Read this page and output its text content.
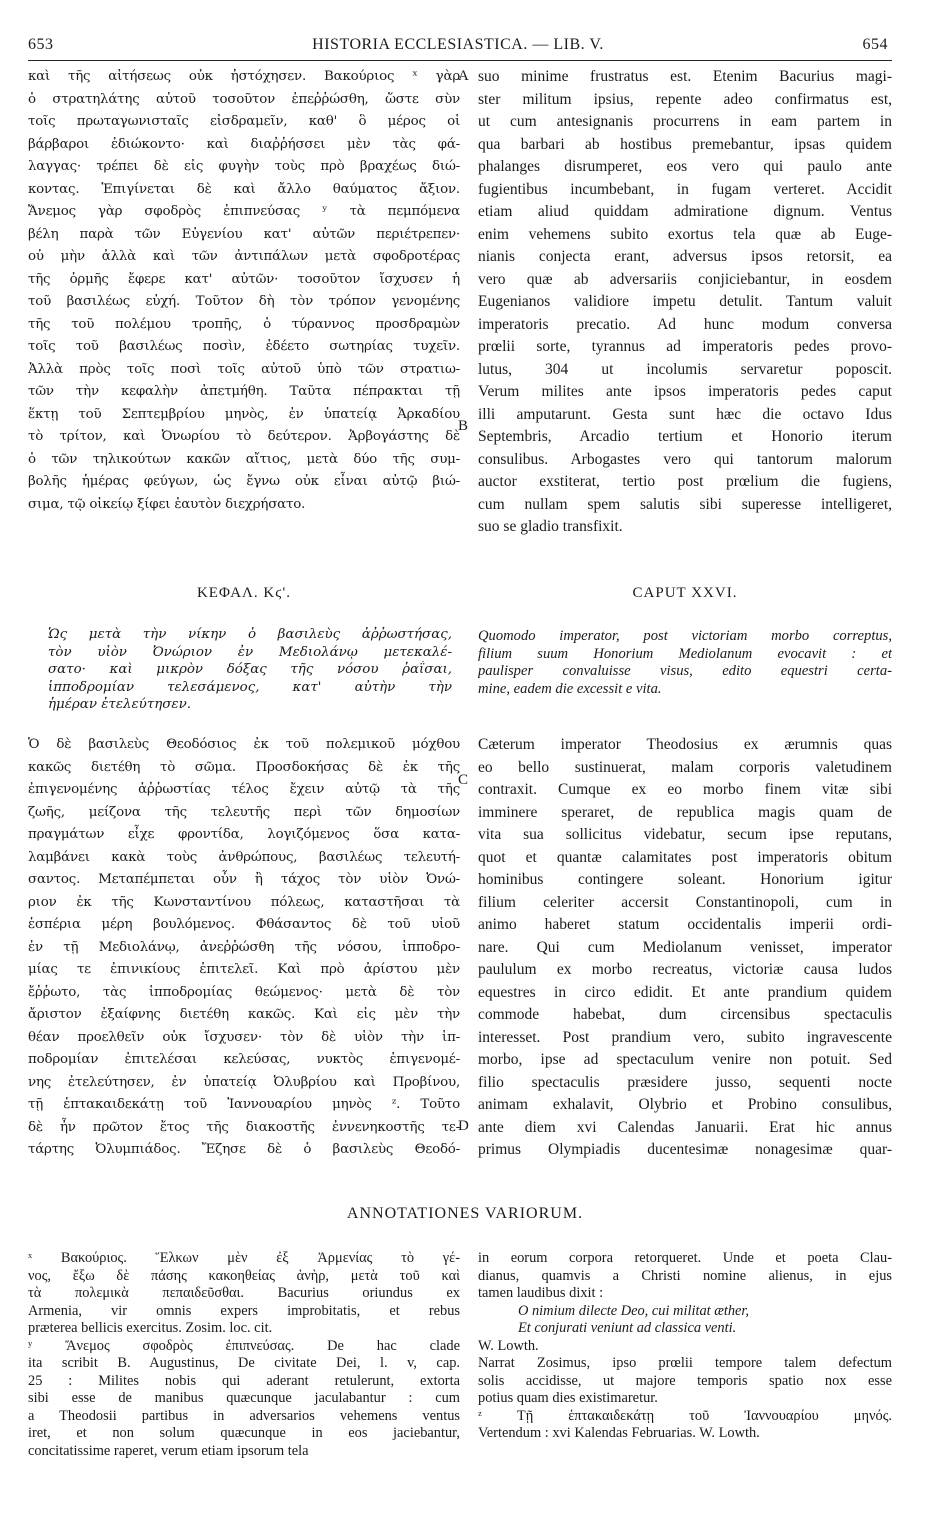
653	HISTORIA ECCLESIASTICA. — LIB. V.	654
A
B
C
D
καὶ τῆς αἰτήσεως οὐκ ἠστόχησεν. Βακούριος ˣ γὰρ
ὁ στρατηλάτης αὐτοῦ τοσοῦτον ἐπεῤῥώσθη, ὥστε σὺν
τοῖς πρωταγωνισταῖς εἰσδραμεῖν, καθ' ὃ μέρος οἱ
βάρβαροι ἐδιώκοντο· καὶ διαῤῥήσσει μὲν τὰς φά-
λαγγας· τρέπει δὲ εἰς φυγὴν τοὺς πρὸ βραχέως διώ-
κοντας. Ἐπιγίνεται δὲ καὶ ἄλλο θαύματος ἄξιον.
Ἄνεμος γὰρ σφοδρὸς ἐπιπνεύσας ʸ τὰ πεμπόμενα
βέλη παρὰ τῶν Εὐγενίου κατ' αὐτῶν περιέτρεπεν·
οὐ μὴν ἀλλὰ καὶ τῶν ἀντιπάλων μετὰ σφοδροτέρας
τῆς ὁρμῆς ἔφερε κατ' αὐτῶν· τοσοῦτον ἴσχυσεν ἡ
τοῦ βασιλέως εὐχή. Τοῦτον δὴ τὸν τρόπον γενομένης
τῆς τοῦ πολέμου τροπῆς, ὁ τύραννος προσδραμὼν
τοῖς τοῦ βασιλέως ποσὶν, ἐδέετο σωτηρίας τυχεῖν.
Ἀλλὰ πρὸς τοῖς ποσὶ τοῖς αὐτοῦ ὑπὸ τῶν στρατιω-
τῶν τὴν κεφαλὴν ἀπετμήθη. Ταῦτα πέπρακται τῇ
ἕκτῃ τοῦ Σεπτεμβρίου μηνὸς, ἐν ὑπατείᾳ Ἀρκαδίου
τὸ τρίτον, καὶ Ὀνωρίου τὸ δεύτερον. Ἀρβογάστης δὲ
ὁ τῶν τηλικούτων κακῶν αἴτιος, μετὰ δύο τῆς συμ-
βολῆς ἡμέρας φεύγων, ὡς ἔγνω οὐκ εἶναι αὐτῷ βιώ-
σιμα, τῷ οἰκείῳ ξίφει ἑαυτὸν διεχρήσατο.
suo minime frustratus est. Etenim Bacurius magi-
ster militum ipsius, repente adeo confirmatus est,
ut cum antesignanis procurrens in eam partem in
qua barbari ab hostibus premebantur, ipsas quidem
phalanges disrumperet, eos vero qui paulo ante
fugientibus incumbebant, in fugam verteret. Accidit
etiam aliud quiddam admiratione dignum. Ventus
enim vehemens subito exortus tela quæ ab Euge-
nianis conjecta erant, adversus ipsos retorsit, ea
vero quæ ab adversariis conjiciebantur, in eosdem
Eugenianos validiore impetu detulit. Tantum valuit
imperatoris precatio. Ad hunc modum conversa
prœlii sorte, tyrannus ad imperatoris pedes provo-
lutus, 304 ut incolumis servaretur poposcit.
Verum milites ante ipsos imperatoris pedes caput
illi amputarunt. Gesta sunt hæc die octavo Idus
Septembris, Arcadio tertium et Honorio iterum
consulibus. Arbogastes vero qui tantorum malorum
auctor exstiterat, tertio post prœlium die fugiens,
cum nullam spem salutis sibi superesse intelligeret,
suo se gladio transfixit.
ΚΕΦΑΛ. Κϛ'.	CAPUT XXVI.
Ὡς μετὰ τὴν νίκην ὁ βασιλεὺς ἀῤῥωστήσας,
τὸν υἱὸν Ὀνώριον ἐν Μεδιολάνῳ μετεκαλέ-
σατο· καὶ μικρὸν δόξας τῆς νόσου ῥαΐσαι,
ἱπποδρομίαν τελεσάμενος, κατ' αὐτὴν τὴν
ἡμέραν ἐτελεύτησεν.
Quomodo imperator, post victoriam morbo correptus,
filium suum Honorium Mediolanum evocavit : et
paulisper convaluisse visus, edito equestri certa-
mine, eadem die excessit e vita.
Ὁ δὲ βασιλεὺς Θεοδόσιος ἐκ τοῦ πολεμικοῦ μόχθου
κακῶς διετέθη τὸ σῶμα. Προσδοκήσας δὲ ἐκ τῆς
ἐπιγενομένης ἀῤῥωστίας τέλος ἔχειν αὐτῷ τὰ τῆς
ζωῆς, μείζονα τῆς τελευτῆς περὶ τῶν δημοσίων
πραγμάτων εἶχε φροντίδα, λογιζόμενος ὅσα κατα-
λαμβάνει κακὰ τοὺς ἀνθρώπους, βασιλέως τελευτή-
σαντος. Μεταπέμπεται οὖν ἢ τάχος τὸν υἱὸν Ὀνώ-
ριον ἐκ τῆς Κωνσταντίνου πόλεως, καταστῆσαι τὰ
ἑσπέρια μέρη βουλόμενος. Φθάσαντος δὲ τοῦ υἱοῦ
ἐν τῇ Μεδιολάνῳ, ἀνεῤῥώσθη τῆς νόσου, ἱπποδρο-
μίας τε ἐπινικίους ἐπιτελεῖ. Καὶ πρὸ ἀρίστου μὲν
ἔῤῥωτο, τὰς ἱπποδρομίας θεώμενος· μετὰ δὲ τὸν
ἄριστον ἐξαίφνης διετέθη κακῶς. Καὶ εἰς μὲν τὴν
θέαν προελθεῖν οὐκ ἴσχυσεν· τὸν δὲ υἱὸν τὴν ἱπ-
ποδρομίαν ἐπιτελέσαι κελεύσας, νυκτὸς ἐπιγενομέ-
νης ἐτελεύτησεν, ἐν ὑπατείᾳ Ὀλυβρίου καὶ Προβίνου,
τῇ ἑπτακαιδεκάτῃ τοῦ Ἰαννουαρίου μηνὸς ᶻ. Τοῦτο
δὲ ἦν πρῶτον ἔτος τῆς διακοστῆς ἐννενηκοστῆς τε-
τάρτης Ὀλυμπιάδος. Ἔζησε δὲ ὁ βασιλεὺς Θεοδό-
Cæterum imperator Theodosius ex ærumnis quas
eo bello sustinuerat, malam corporis valetudinem
contraxit. Cumque ex eo morbo finem vitæ sibi
imminere speraret, de republica magis quam de
vita sua sollicitus videbatur, secum ipse reputans,
quot et quantæ calamitates post imperatoris obitum
hominibus contingere soleant. Honorium igitur
filium celeriter accersit Constantinopoli, cum in
animo haberet statum occidentalis imperii ordi-
nare. Qui cum Mediolanum venisset, imperator
paululum ex morbo recreatus, victoriæ causa ludos
equestres in circo edidit. Et ante prandium quidem
commode habebat, dum circensibus spectaculis
interesset. Post prandium vero, subito ingravescente
morbo, ipse ad spectaculum venire non potuit. Sed
filio spectaculis præsidere jusso, sequenti nocte
animam exhalavit, Olybrio et Probino consulibus,
ante diem xvi Calendas Januarii. Erat hic annus
primus Olympiadis ducentesimæ nonagesimæ quar-
ANNOTATIONES VARIORUM.
ˣ Βακούριος. Ἕλκων μὲν ἐξ Ἀρμενίας τὸ γέ-
νος, ἔξω δὲ πάσης κακοηθείας ἀνὴρ, μετὰ τοῦ καὶ
τὰ πολεμικὰ πεπαιδεῦσθαι. Bacurius oriundus ex
Armenia, vir omnis expers improbitatis, et rebus
præterea bellicis exercitus. Zosim. loc. cit.
ʸ Ἄνεμος σφοδρὸς ἐπιπνεύσας. De hac clade
ita scribit B. Augustinus, De civitate Dei, l. v, cap.
25 : Milites nobis qui aderant retulerunt, extorta
sibi esse de manibus quæcunque jaculabantur : cum
a Theodosii partibus in adversarios vehemens ventus
iret, et non solum quæcunque in eos jaciebantur,
concitatissime raperet, verum etiam ipsorum tela
in eorum corpora retorqueret. Unde et poeta Clau-
dianus, quamvis a Christi nomine alienus, in ejus
tamen laudibus dixit :
O nimium dilecte Deo, cui militat æther,
Et conjurati veniunt ad classica venti.
W. Lowth.
Narrat Zosimus, ipso prœlii tempore talem defectum
solis accidisse, ut majore temporis spatio nox esse
potius quam dies existimaretur.
ᶻ Τῇ ἑπτακαιδεκάτῃ τοῦ Ἰαννουαρίου μηνός.
Vertendum : xvi Kalendas Februarias. W. Lowth.
